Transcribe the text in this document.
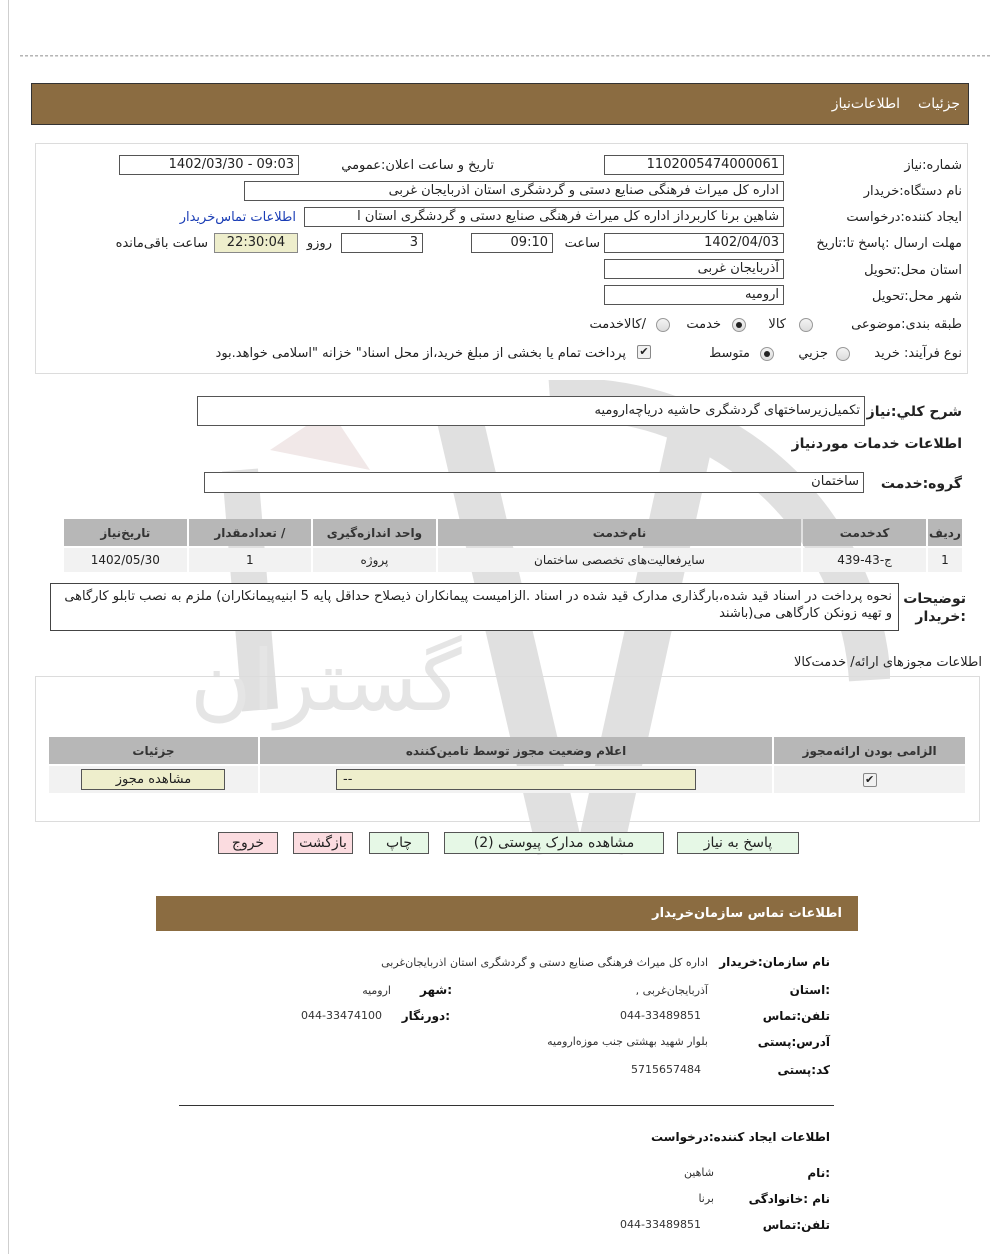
ﮔﺴﺘﺮان
جزئیات
اطلاعات‌نیاز
شماره:نیاز
1102005474000061
تاریخ و ساعت اعلان:عمومي
1402/03/30 - 09:03
نام دستگاه:خریدار
اداره کل میراث فرهنگی صنایع دستی و گردشگری استان اذربایجان غربی
ایجاد کننده:درخواست
شاهین برنا کاربرداز اداره کل میراث فرهنگی صنایع دستی و گردشگری استان ا
اطلاعات تماس‌خریدار
مهلت ارسال :پاسخ تا:تاریخ
1402/04/03
ساعت
09:10
3
روزو
22:30:04
ساعت باقی‌مانده
استان محل:تحویل
آذربایجان غربی
شهر محل:تحویل
ارومیه
طبقه بندی:موضوعی
کالا
خدمت
/کالاخدمت
نوع فرآیند: خرید
جزيي
متوسط
✔
پرداخت تمام یا بخشی از مبلغ خرید،از محل اسناد" خزانه "اسلامی خواهد.بود
شرح کلي:نیاز
تکمیل‌زیرساختهای گردشگری حاشیه دریاچه‌ارومیه
اطلاعات خدمات موردنیاز
گروه:خدمت
ساختمان
ردیف	کدخدمت	نام‌خدمت	واحد اندازه‌گیری	/ تعدادمقدار	تاریخ‌نیاز
1	ج-43-439	سایرفعالیت‌های تخصصی ساختمان	پروژه	1	1402/05/30
توضیحات
:خریدار
نحوه پرداخت در اسناد قید شده،بارگذاری مدارک قید شده در اسناد .الزامیست پیمانکاران ذیصلاح حداقل پایه 5 ابنیه‌پیمانکاران) ملزم به نصب تابلو کارگاهی و تهیه زونکن کارگاهی می(باشند
اطلاعات مجوزهای ارائه/ خدمت‌کالا
الزامی بودن ارائه‌مجوز	اعلام وضعیت مجوز توسط تامین‌کننده	جزئیات
✔	--	مشاهده مجوز
پاسخ به نیاز
مشاهده مدارک پیوستی (2)
چاپ
بازگشت
خروج
اطلاعات تماس سازمان‌خریدار
نام سازمان:خریدار
اداره کل میراث فرهنگی صنایع دستی و گردشگری استان اذربایجان‌غربی
:استان
آذربایجان‌غربی ,
:شهر
ارومیه
تلفن:تماس
044-33489851
:دورنگار
044-33474100
آدرس:پستی
بلوار شهید بهشتی جنب موزه‌ارومیه
کد:پستی
5715657484
اطلاعات ایجاد کننده:درخواست
:نام
شاهین
نام :خانوادگی
برنا
تلفن:تماس
044-33489851
